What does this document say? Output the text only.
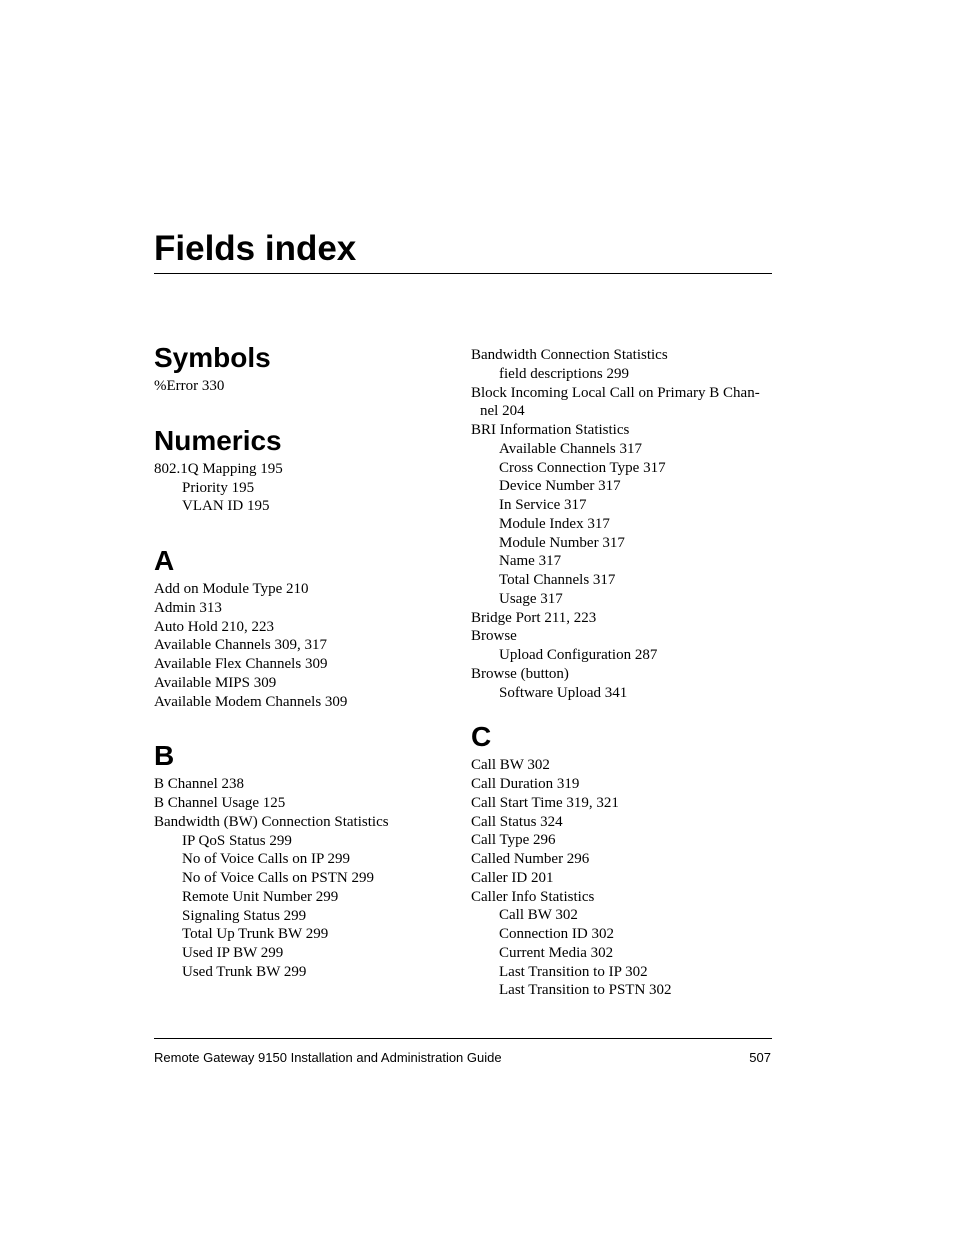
Fields index
Symbols

%Error 330

Numerics

802.1Q Mapping 195

Priority 195

VLAN ID 195

A

Add on Module Type 210

Admin 313

Auto Hold 210, 223

Available Channels 309, 317

Available Flex Channels 309

Available MIPS 309

Available Modem Channels 309

B

B Channel 238

B Channel Usage 125

Bandwidth (BW) Connection Statistics

IP QoS Status 299

No of Voice Calls on IP 299

No of Voice Calls on PSTN 299

Remote Unit Number 299

Signaling Status 299

Total Up Trunk BW 299

Used IP BW 299

Used Trunk BW 299

Bandwidth Connection Statistics

field descriptions 299

Block Incoming Local Call on Primary B Chan-nel 204

BRI Information Statistics

Available Channels 317

Cross Connection Type 317

Device Number 317

In Service 317

Module Index 317

Module Number 317

Name 317

Total Channels 317

Usage 317

Bridge Port 211, 223

Browse

Upload Configuration 287

Browse (button)

Software Upload 341

C

Call BW 302

Call Duration 319

Call Start Time 319, 321

Call Status 324

Call Type 296

Called Number 296

Caller ID 201

Caller Info Statistics

Call BW 302

Connection ID 302

Current Media 302

Last Transition to IP 302

Last Transition to PSTN 302

Remote Gateway 9150 Installation and Administration Guide	507
